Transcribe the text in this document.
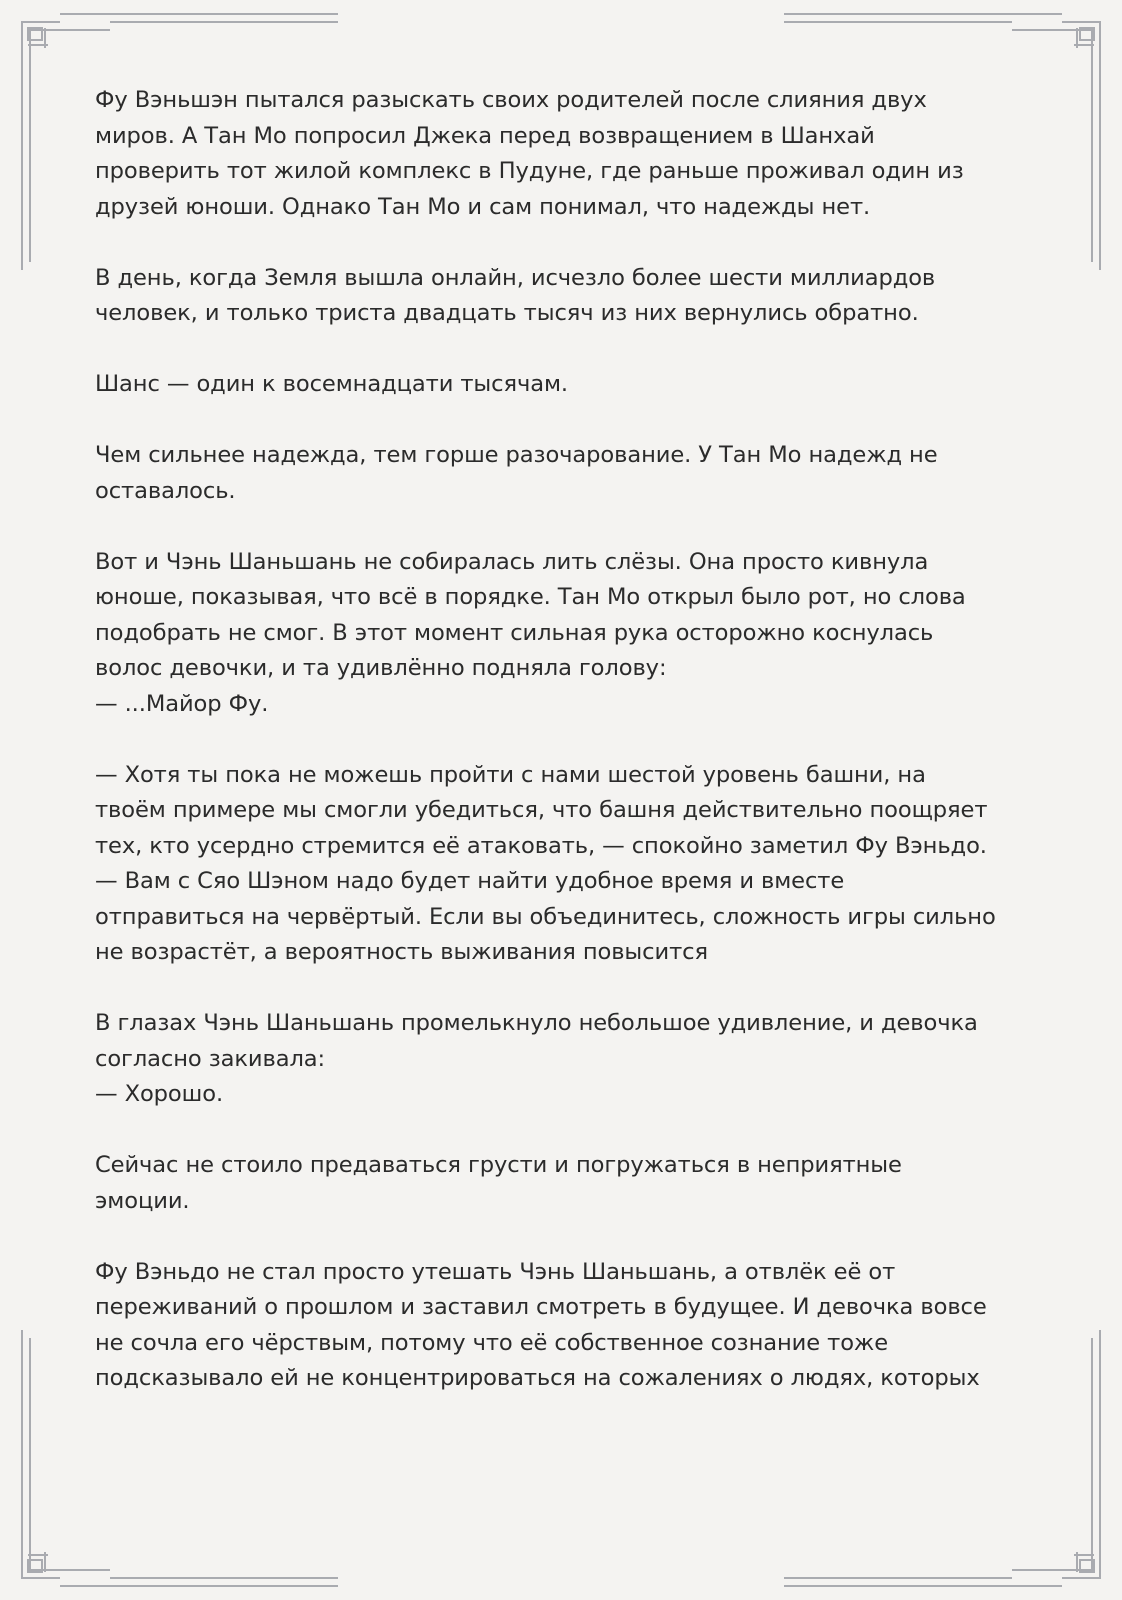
Фу Вэньшэн пытался разыскать своих родителей после слияния двух
миров. А Тан Мо попросил Джека перед возвращением в Шанхай
проверить тот жилой комплекс в Пудуне, где раньше проживал один из
друзей юноши. Однако Тан Мо и сам понимал, что надежды нет.

В день, когда Земля вышла онлайн, исчезло более шести миллиардов
человек, и только триста двадцать тысяч из них вернулись обратно.

Шанс — один к восемнадцати тысячам.

Чем сильнее надежда, тем горше разочарование. У Тан Мо надежд не
оставалось.

Вот и Чэнь Шаньшань не собиралась лить слёзы. Она просто кивнула
юноше, показывая, что всё в порядке. Тан Мо открыл было рот, но слова
подобрать не смог. В этот момент сильная рука осторожно коснулась
волос девочки, и та удивлённо подняла голову:
— ...Майор Фу.

— Хотя ты пока не можешь пройти с нами шестой уровень башни, на
твоём примере мы смогли убедиться, что башня действительно поощряет
тех, кто усердно стремится её атаковать, — спокойно заметил Фу Вэньдо.
— Вам с Сяо Шэном надо будет найти удобное время и вместе
отправиться на червёртый. Если вы объединитесь, сложность игры сильно
не возрастёт, а вероятность выживания повысится

В глазах Чэнь Шаньшань промелькнуло небольшое удивление, и девочка
согласно закивала:
— Хорошо.

Сейчас не стоило предаваться грусти и погружаться в неприятные
эмоции.

Фу Вэньдо не стал просто утешать Чэнь Шаньшань, а отвлёк её от
переживаний о прошлом и заставил смотреть в будущее. И девочка вовсе
не сочла его чёрствым, потому что её собственное сознание тоже
подсказывало ей не концентрироваться на сожалениях о людях, которых
